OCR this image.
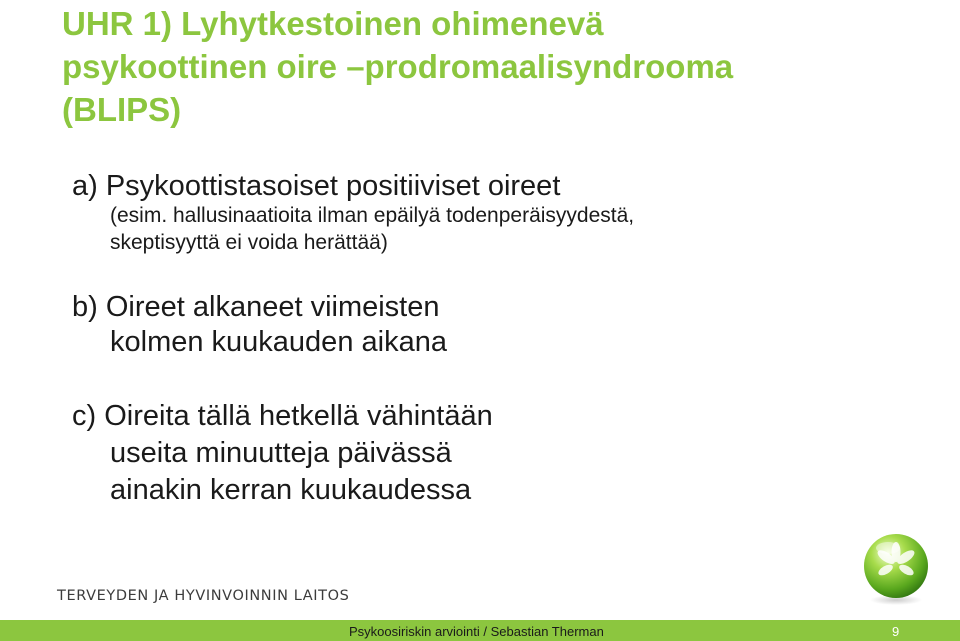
UHR 1) Lyhytkestoinen ohimenevä
psykoottinen oire –prodromaalisyndrooma
(BLIPS)

a) Psykoottistasoiset positiiviset oireet

(esim. hallusinaatioita ilman epäilyä todenperäisyydestä,
skeptisyyttä ei voida herättää)
b) Oireet alkaneet viimeisten
kolmen kuukauden aikana
c) Oireita tällä hetkellä vähintään
useita minuutteja päivässä
ainakin kerran kuukaudessa
TERVEYDEN JA HYVINVOINNIN LAITOS
Psykoosiriskin arviointi / Sebastian Therman	9
